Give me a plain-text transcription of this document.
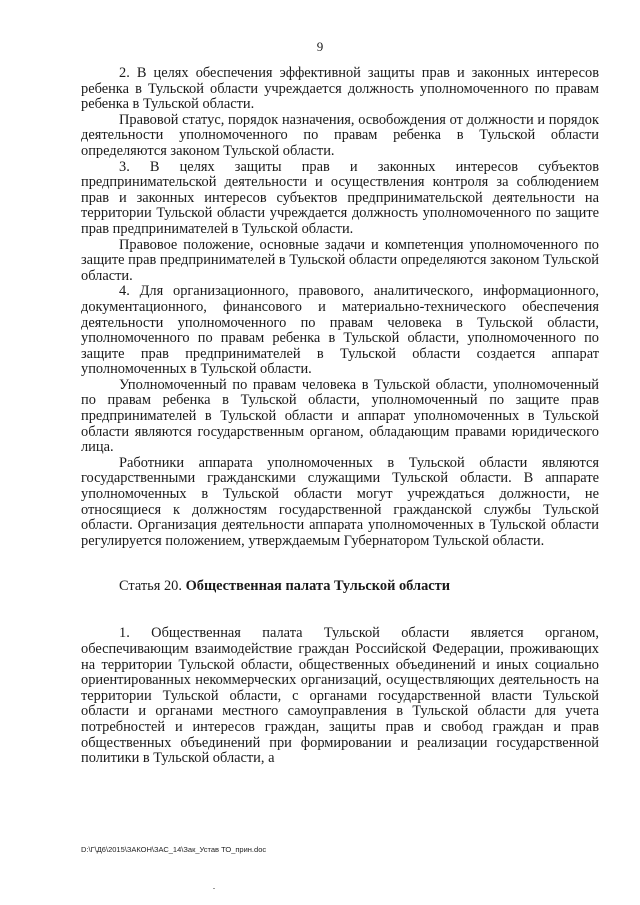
9

2. В целях обеспечения эффективной защиты прав и законных интересов ребенка в Тульской области учреждается должность уполномоченного по правам ребенка в Тульской области.

Правовой статус, порядок назначения, освобождения от должности и порядок деятельности уполномоченного по правам ребенка в Тульской области определяются законом Тульской области.

3. В целях защиты прав и законных интересов субъектов предпринимательской деятельности и осуществления контроля за соблюдением прав и законных интересов субъектов предпринимательской деятельности на территории Тульской области учреждается должность уполномоченного по защите прав предпринимателей в Тульской области.

Правовое положение, основные задачи и компетенция уполномоченного по защите прав предпринимателей в Тульской области определяются законом Тульской области.

4. Для организационного, правового, аналитического, информационного, документационного, финансового и материально-технического обеспечения деятельности уполномоченного по правам человека в Тульской области, уполномоченного по правам ребенка в Тульской области, уполномоченного по защите прав предпринимателей в Тульской области создается аппарат уполномоченных в Тульской области.

Уполномоченный по правам человека в Тульской области, уполномоченный по правам ребенка в Тульской области, уполномоченный по защите прав предпринимателей в Тульской области и аппарат уполномоченных в Тульской области являются государственным органом, обладающим правами юридического лица.

Работники аппарата уполномоченных в Тульской области являются государственными гражданскими служащими Тульской области. В аппарате уполномоченных в Тульской области могут учреждаться должности, не относящиеся к должностям государственной гражданской службы Тульской области. Организация деятельности аппарата уполномоченных в Тульской области регулируется положением, утверждаемым Губернатором Тульской области.

Статья 20. Общественная палата Тульской области

1. Общественная палата Тульской области является органом, обеспечивающим взаимодействие граждан Российской Федерации, проживающих на территории Тульской области, общественных объединений и иных социально ориентированных некоммерческих организаций, осуществляющих деятельность на территории Тульской области, с органами государственной власти Тульской области и органами местного самоуправления в Тульской области для учета потребностей и интересов граждан, защиты прав и свобод граждан и прав общественных объединений при формировании и реализации государственной политики в Тульской области, а

D:\Г\Д6\2015\ЗАКОН\ЗАС_14\Зак_Устав ТО_прин.doc
